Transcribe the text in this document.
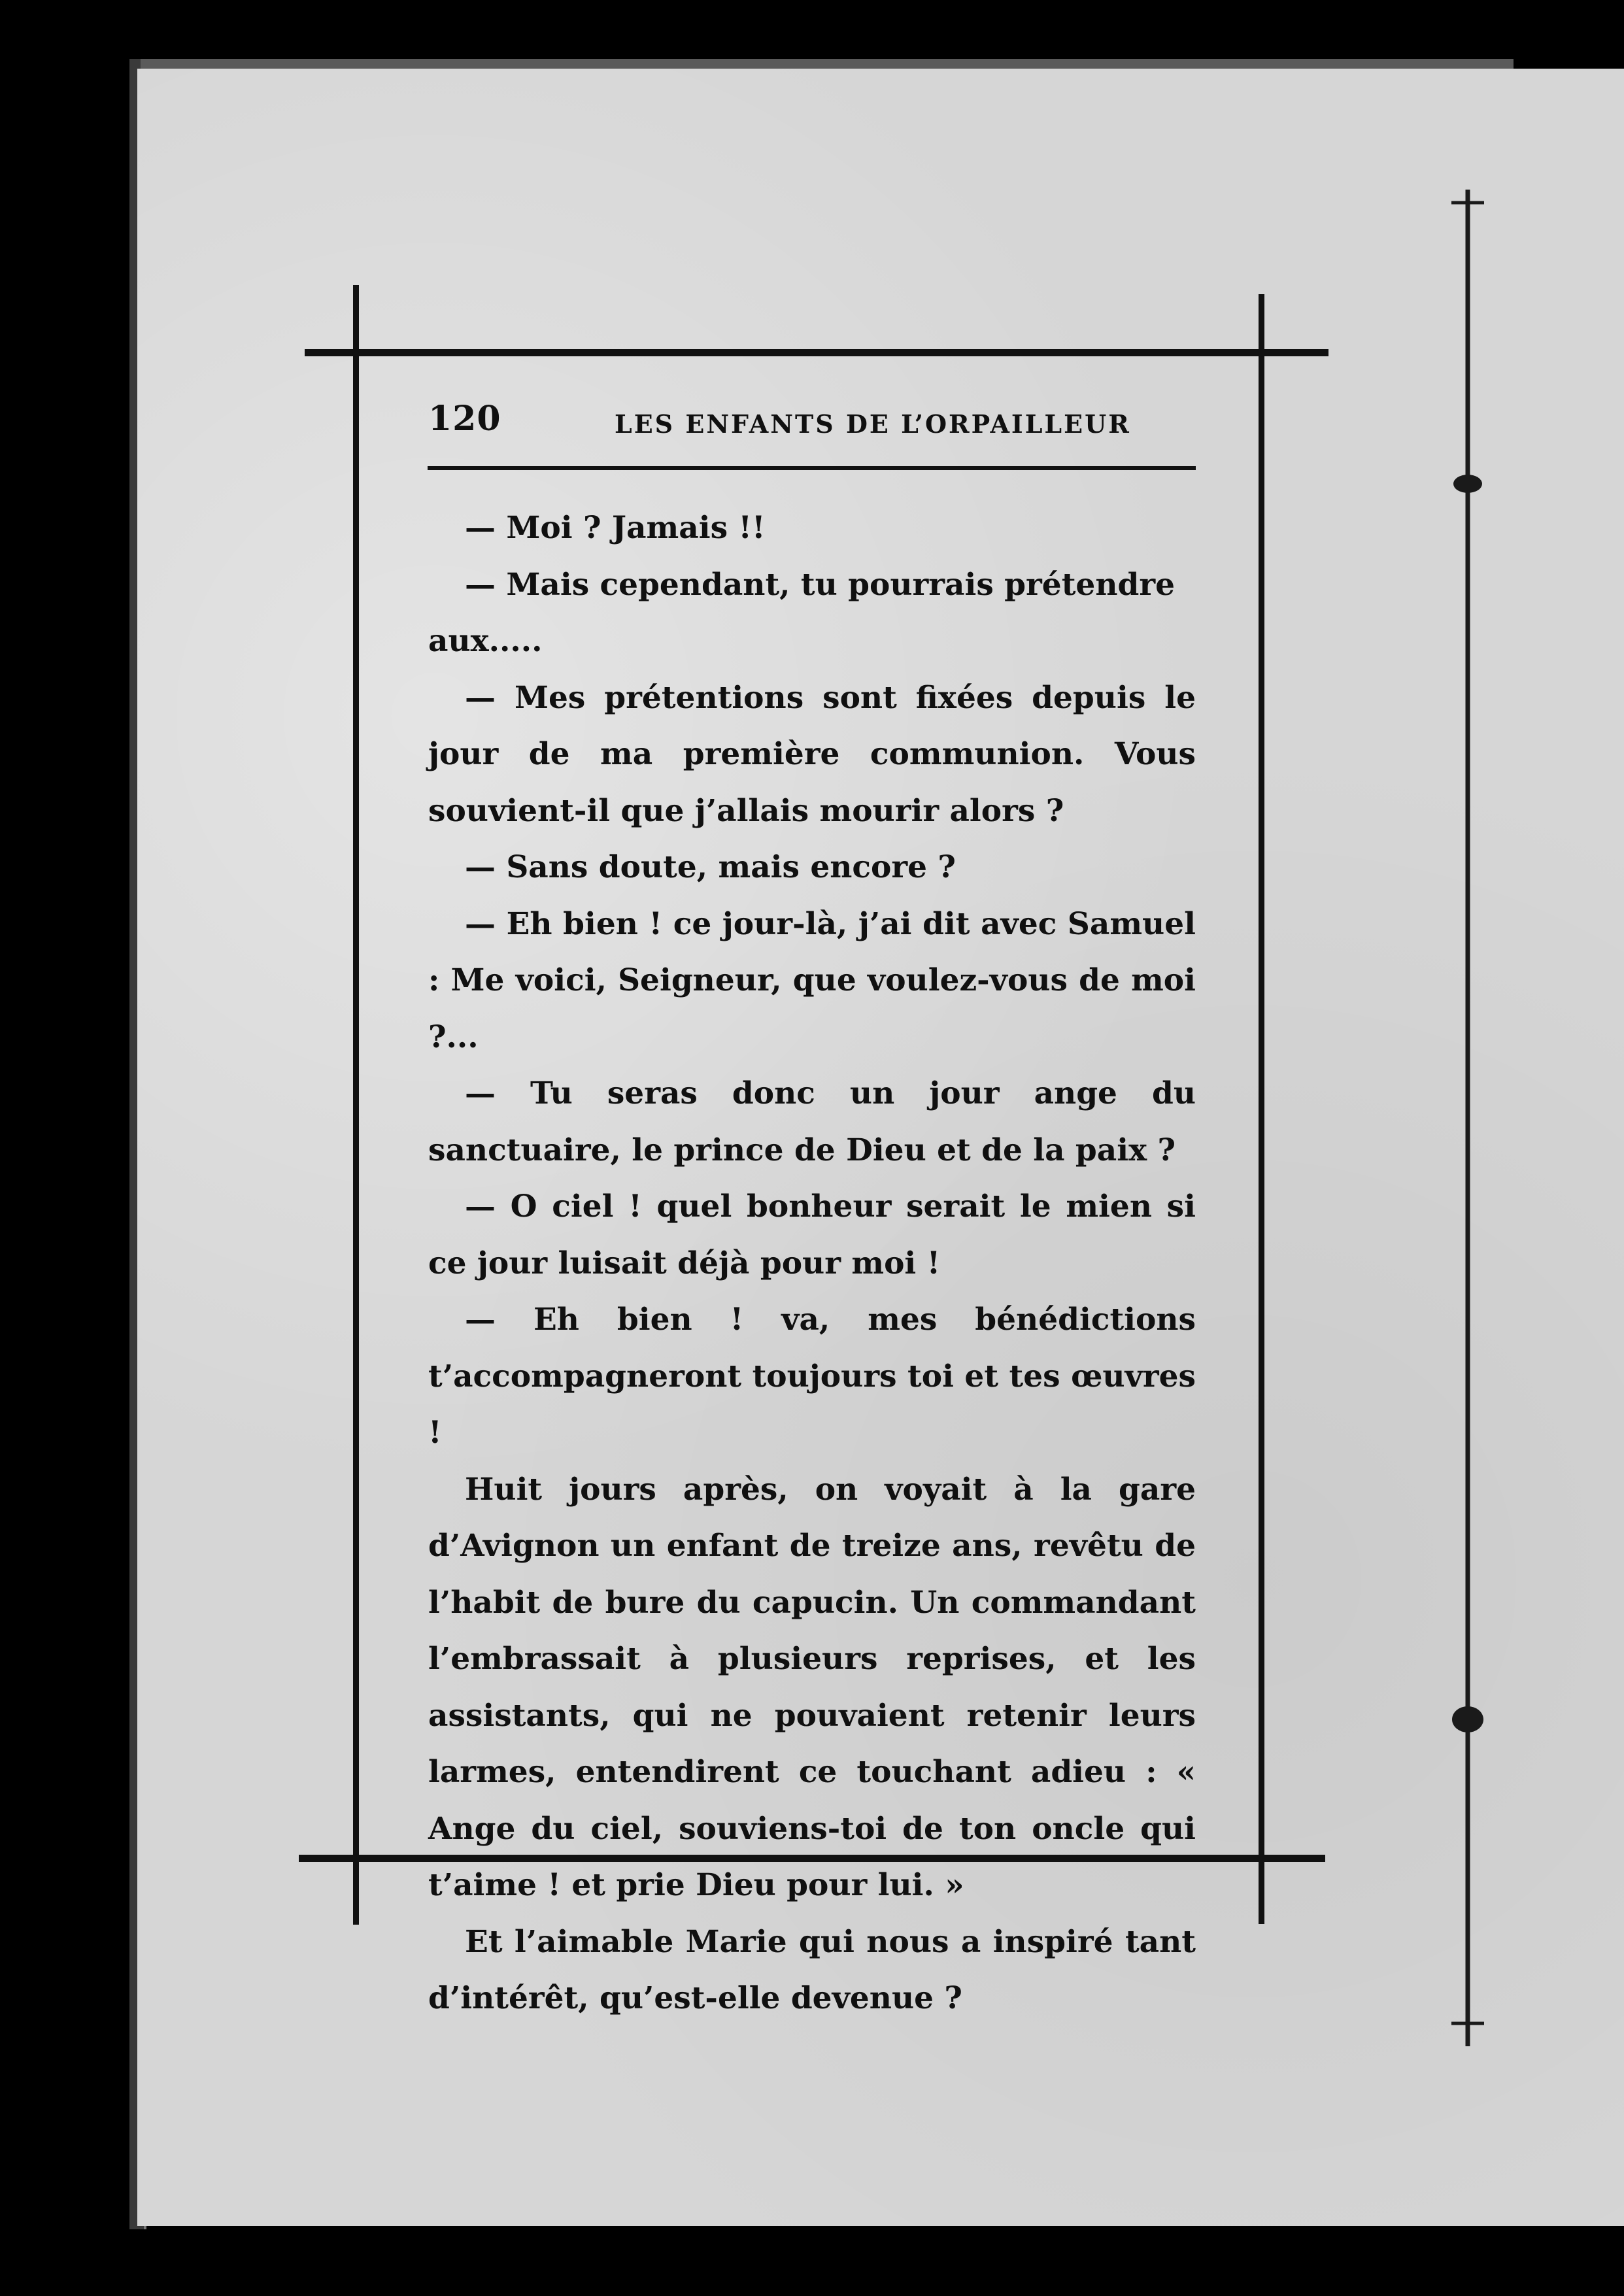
120	LES ENFANTS DE L’ORPAILLEUR

— Moi ? Jamais !!

— Mais cependant, tu pourrais prétendre aux.....

— Mes prétentions sont fixées depuis le jour de ma première communion. Vous souvient-il que j’allais mourir alors ?

— Sans doute, mais encore ?

— Eh bien ! ce jour-là, j’ai dit avec Samuel : Me voici, Seigneur, que voulez-vous de moi ?...

— Tu seras donc un jour ange du sanctuaire, le prince de Dieu et de la paix ?

— O ciel ! quel bonheur serait le mien si ce jour luisait déjà pour moi !

— Eh bien ! va, mes bénédictions t’accompagneront toujours toi et tes œuvres !

Huit jours après, on voyait à la gare d’Avignon un enfant de treize ans, revêtu de l’habit de bure du capucin. Un commandant l’embrassait à plusieurs reprises, et les assistants, qui ne pouvaient retenir leurs larmes, entendirent ce touchant adieu : « Ange du ciel, souviens-toi de ton oncle qui t’aime ! et prie Dieu pour lui. »

Et l’aimable Marie qui nous a inspiré tant d’intérêt, qu’est-elle devenue ?
